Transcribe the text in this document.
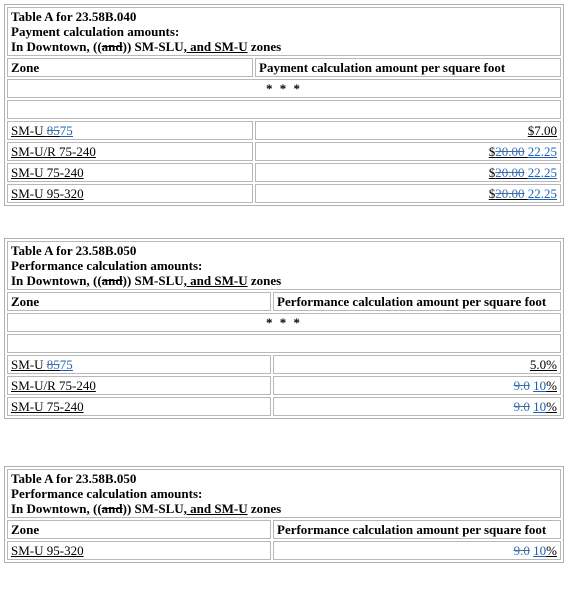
Table A for 23.58B.040
Payment calculation amounts:
In Downtown, ((and)) SM-SLU, and SM-U zones	

Zone	Payment calculation amount per square foot
* * *	

SM-U 8575	$7.00
SM-U/R 75-240	$20.00 22.25
SM-U 75-240	$20.00 22.25
SM-U 95-320	$20.00 22.25
Table A for 23.58B.050
Performance calculation amounts:
In Downtown, ((and)) SM-SLU, and SM-U zones	

Zone	Performance calculation amount per square foot
* * *	

SM-U 8575	5.0%
SM-U/R 75-240	9.0 10%
SM-U 75-240	9.0 10%
Table A for 23.58B.050
Performance calculation amounts:
In Downtown, ((and)) SM-SLU, and SM-U zones	

Zone	Performance calculation amount per square foot
SM-U 95-320	9.0 10%
